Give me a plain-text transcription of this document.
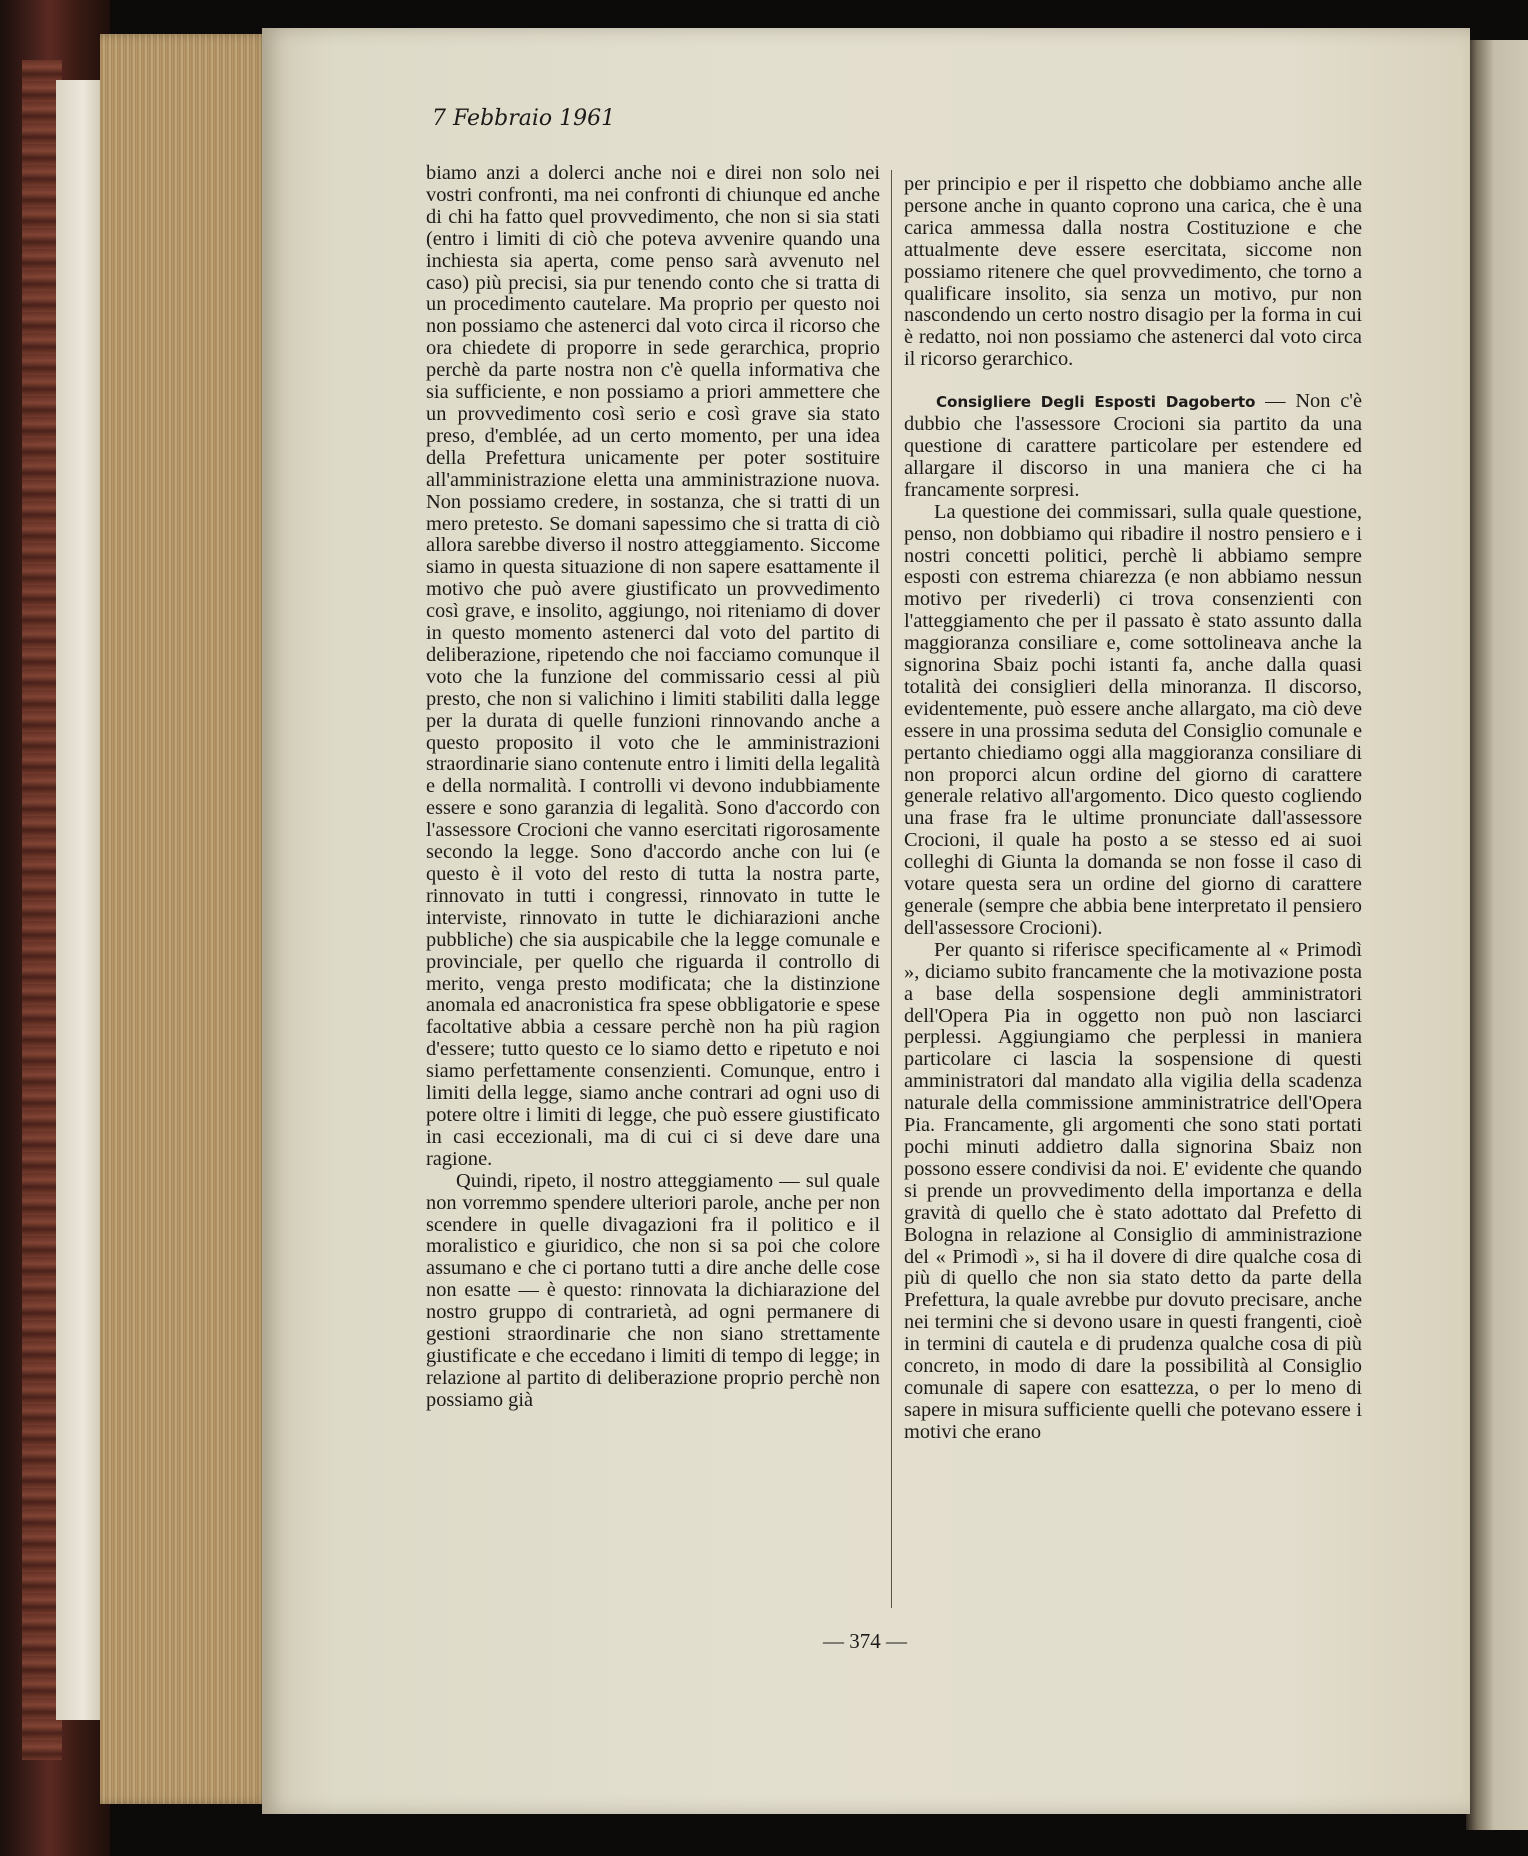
7 Febbraio 1961

biamo anzi a dolerci anche noi e direi non solo nei vostri confronti, ma nei confronti di chiunque ed anche di chi ha fatto quel provvedimento, che non si sia stati (entro i limiti di ciò che poteva avvenire quando una inchiesta sia aperta, come penso sarà avvenuto nel caso) più precisi, sia pur tenendo conto che si tratta di un procedimento cautelare. Ma proprio per questo noi non possiamo che astenerci dal voto circa il ricorso che ora chiedete di proporre in sede gerarchica, proprio perchè da parte nostra non c'è quella informativa che sia sufficiente, e non possiamo a priori ammettere che un provvedimento così serio e così grave sia stato preso, d'emblée, ad un certo momento, per una idea della Prefettura unicamente per poter sostituire all'amministrazione eletta una amministrazione nuova. Non possiamo credere, in sostanza, che si tratti di un mero pretesto. Se domani sapessimo che si tratta di ciò allora sarebbe diverso il nostro atteggiamento. Siccome siamo in questa situazione di non sapere esattamente il motivo che può avere giustificato un provvedimento così grave, e insolito, aggiungo, noi riteniamo di dover in questo momento astenerci dal voto del partito di deliberazione, ripetendo che noi facciamo comunque il voto che la funzione del commissario cessi al più presto, che non si valichino i limiti stabiliti dalla legge per la durata di quelle funzioni rinnovando anche a questo proposito il voto che le amministrazioni straordinarie siano contenute entro i limiti della legalità e della normalità. I controlli vi devono indubbiamente essere e sono garanzia di legalità. Sono d'accordo con l'assessore Crocioni che vanno esercitati rigorosamente secondo la legge. Sono d'accordo anche con lui (e questo è il voto del resto di tutta la nostra parte, rinnovato in tutti i congressi, rinnovato in tutte le interviste, rinnovato in tutte le dichiarazioni anche pubbliche) che sia auspicabile che la legge comunale e provinciale, per quello che riguarda il controllo di merito, venga presto modificata; che la distinzione anomala ed anacronistica fra spese obbligatorie e spese facoltative abbia a cessare perchè non ha più ragion d'essere; tutto questo ce lo siamo detto e ripetuto e noi siamo perfettamente consenzienti. Comunque, entro i limiti della legge, siamo anche contrari ad ogni uso di potere oltre i limiti di legge, che può essere giustificato in casi eccezionali, ma di cui ci si deve dare una ragione.

Quindi, ripeto, il nostro atteggiamento — sul quale non vorremmo spendere ulteriori parole, anche per non scendere in quelle divagazioni fra il politico e il moralistico e giuridico, che non si sa poi che colore assumano e che ci portano tutti a dire anche delle cose non esatte — è questo: rinnovata la dichiarazione del nostro gruppo di contrarietà, ad ogni permanere di gestioni straordinarie che non siano strettamente giustificate e che eccedano i limiti di tempo di legge; in relazione al partito di deliberazione proprio perchè non possiamo già

per principio e per il rispetto che dobbiamo anche alle persone anche in quanto coprono una carica, che è una carica ammessa dalla nostra Costituzione e che attualmente deve essere esercitata, siccome non possiamo ritenere che quel provvedimento, che torno a qualificare insolito, sia senza un motivo, pur non nascondendo un certo nostro disagio per la forma in cui è redatto, noi non possiamo che astenerci dal voto circa il ricorso gerarchico.

Consigliere Degli Esposti Dagoberto — Non c'è dubbio che l'assessore Crocioni sia partito da una questione di carattere particolare per estendere ed allargare il discorso in una maniera che ci ha francamente sorpresi.

La questione dei commissari, sulla quale questione, penso, non dobbiamo qui ribadire il nostro pensiero e i nostri concetti politici, perchè li abbiamo sempre esposti con estrema chiarezza (e non abbiamo nessun motivo per rivederli) ci trova consenzienti con l'atteggiamento che per il passato è stato assunto dalla maggioranza consiliare e, come sottolineava anche la signorina Sbaiz pochi istanti fa, anche dalla quasi totalità dei consiglieri della minoranza. Il discorso, evidentemente, può essere anche allargato, ma ciò deve essere in una prossima seduta del Consiglio comunale e pertanto chiediamo oggi alla maggioranza consiliare di non proporci alcun ordine del giorno di carattere generale relativo all'argomento. Dico questo cogliendo una frase fra le ultime pronunciate dall'assessore Crocioni, il quale ha posto a se stesso ed ai suoi colleghi di Giunta la domanda se non fosse il caso di votare questa sera un ordine del giorno di carattere generale (sempre che abbia bene interpretato il pensiero dell'assessore Crocioni).

Per quanto si riferisce specificamente al « Primodì », diciamo subito francamente che la motivazione posta a base della sospensione degli amministratori dell'Opera Pia in oggetto non può non lasciarci perplessi. Aggiungiamo che perplessi in maniera particolare ci lascia la sospensione di questi amministratori dal mandato alla vigilia della scadenza naturale della commissione amministratrice dell'Opera Pia. Francamente, gli argomenti che sono stati portati pochi minuti addietro dalla signorina Sbaiz non possono essere condivisi da noi. E' evidente che quando si prende un provvedimento della importanza e della gravità di quello che è stato adottato dal Prefetto di Bologna in relazione al Consiglio di amministrazione del « Primodì », si ha il dovere di dire qualche cosa di più di quello che non sia stato detto da parte della Prefettura, la quale avrebbe pur dovuto precisare, anche nei termini che si devono usare in questi frangenti, cioè in termini di cautela e di prudenza qualche cosa di più concreto, in modo di dare la possibilità al Consiglio comunale di sapere con esattezza, o per lo meno di sapere in misura sufficiente quelli che potevano essere i motivi che erano

— 374 —
